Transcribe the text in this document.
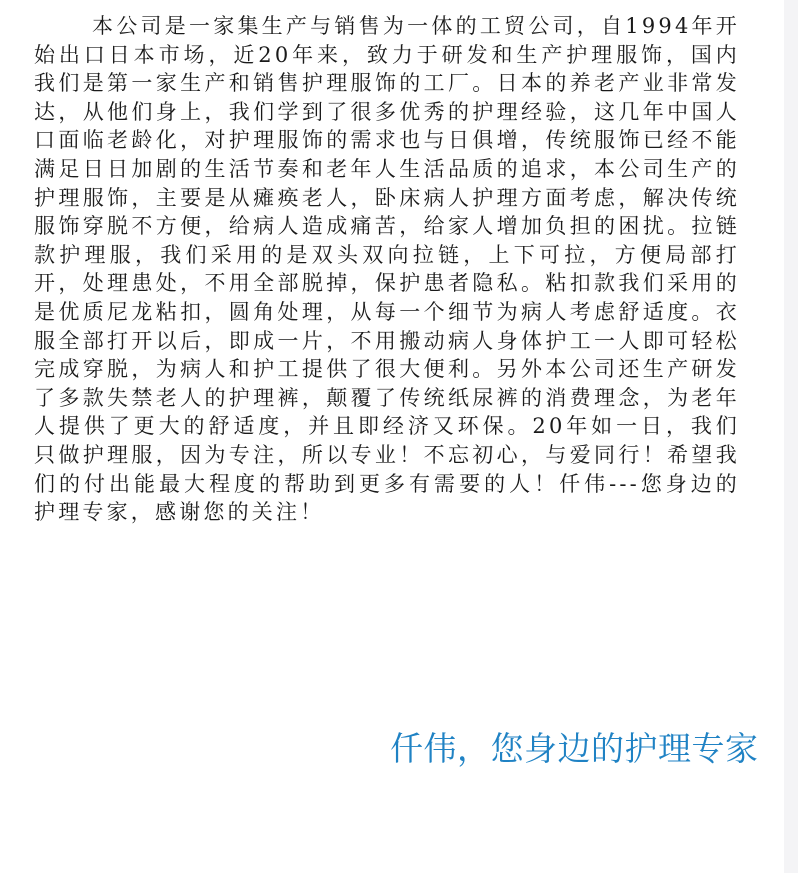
本公司是一家集生产与销售为一体的工贸公司，自1994年开始出口日本市场，近20年来，致力于研发和生产护理服饰，国内我们是第一家生产和销售护理服饰的工厂。日本的养老产业非常发达，从他们身上，我们学到了很多优秀的护理经验，这几年中国人口面临老龄化，对护理服饰的需求也与日俱增，传统服饰已经不能满足日日加剧的生活节奏和老年人生活品质的追求，本公司生产的护理服饰，主要是从瘫痪老人，卧床病人护理方面考虑，解决传统服饰穿脱不方便，给病人造成痛苦，给家人增加负担的困扰。拉链款护理服，我们采用的是双头双向拉链，上下可拉，方便局部打开，处理患处，不用全部脱掉，保护患者隐私。粘扣款我们采用的是优质尼龙粘扣，圆角处理，从每一个细节为病人考虑舒适度。衣服全部打开以后，即成一片，不用搬动病人身体护工一人即可轻松完成穿脱，为病人和护工提供了很大便利。另外本公司还生产研发了多款失禁老人的护理裤，颠覆了传统纸尿裤的消费理念，为老年人提供了更大的舒适度，并且即经济又环保。20年如一日，我们只做护理服，因为专注，所以专业！不忘初心，与爱同行！希望我们的付出能最大程度的帮助到更多有需要的人！仟伟---您身边的护理专家，感谢您的关注！

仟伟，您身边的护理专家
